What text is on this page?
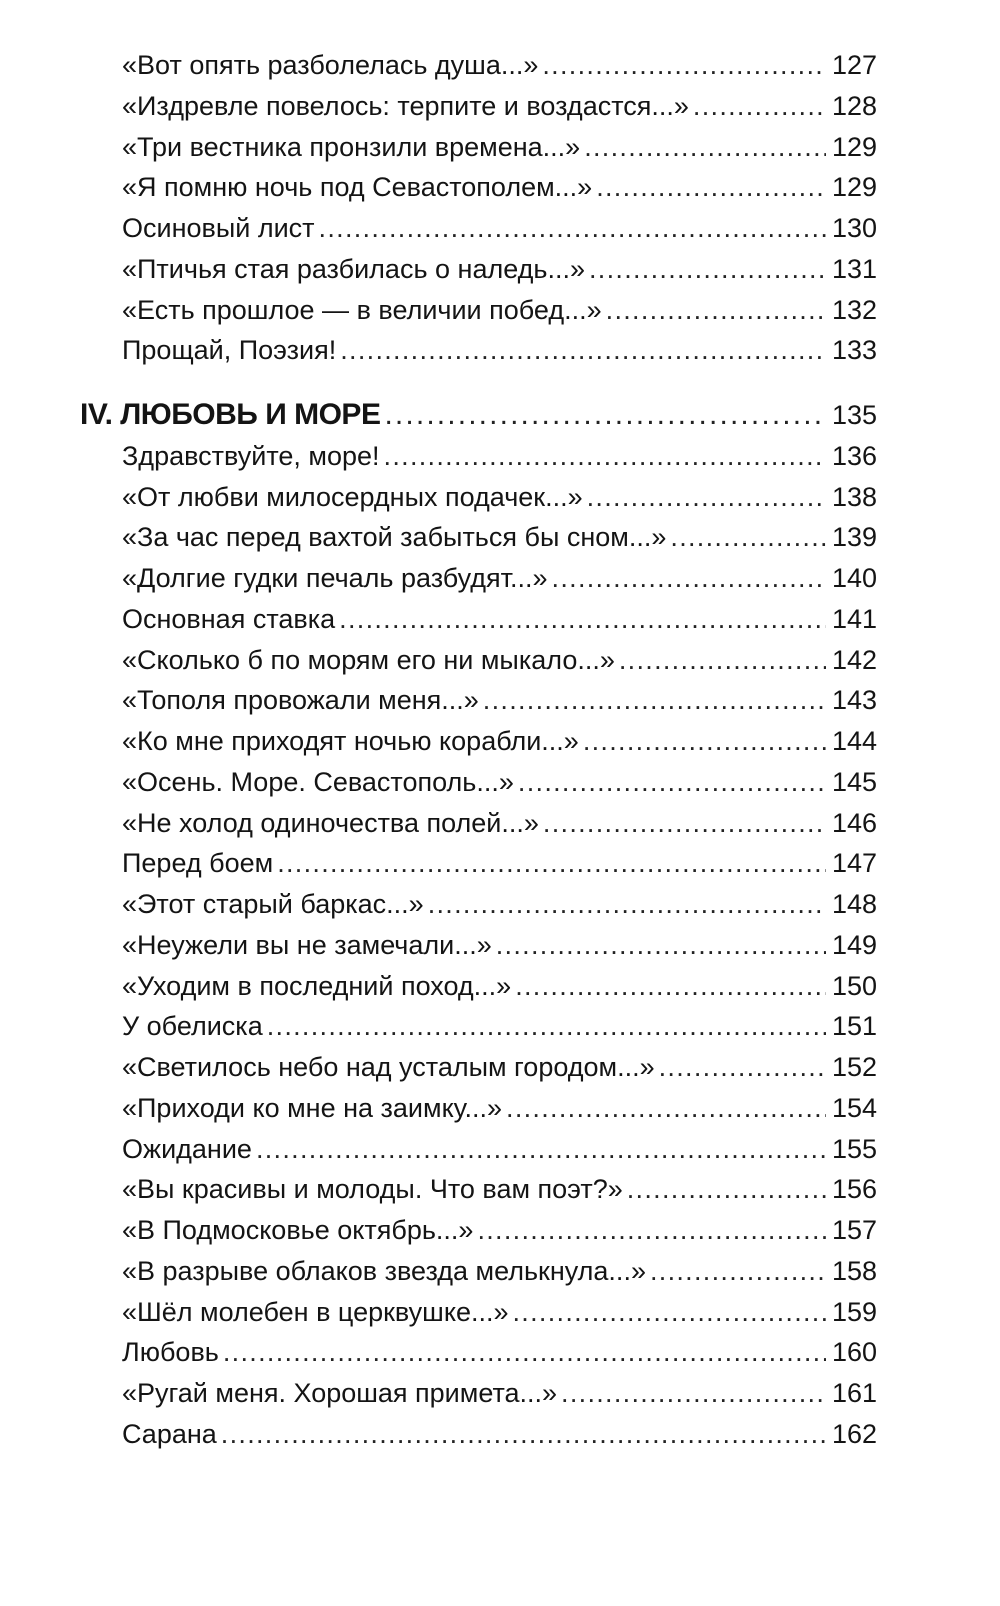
«Вот опять разболелась душа...» . . .	127
«Издревле повелось: терпите и воздастся...» . . .	128
«Три вестника пронзили времена...» . . .	129
«Я помню ночь под Севастополем...» . . .	129
Осиновый лист . . .	130
«Птичья стая разбилась о наледь...» . . .	131
«Есть прошлое — в величии побед...» . . .	132
Прощай, Поэзия! . . .	133
IV. ЛЮБОВЬ И МОРЕ . . .	135
Здравствуйте, море! . . .	136
«От любви милосердных подачек...» . . .	138
«За час перед вахтой забыться бы сном...» . . .	139
«Долгие гудки печаль разбудят...» . . .	140
Основная ставка . . .	141
«Сколько б по морям его ни мыкало...» . . .	142
«Тополя провожали меня...» . . .	143
«Ко мне приходят ночью корабли...» . . .	144
«Осень. Море. Севастополь...» . . .	145
«Не холод одиночества полей...» . . .	146
Перед боем . . .	147
«Этот старый баркас...» . . .	148
«Неужели вы не замечали...» . . .	149
«Уходим в последний поход...» . . .	150
У обелиска . . .	151
«Светилось небо над усталым городом...» . . .	152
«Приходи ко мне на заимку...» . . .	154
Ожидание . . .	155
«Вы красивы и молоды. Что вам поэт?» . . .	156
«В Подмосковье октябрь...» . . .	157
«В разрыве облаков звезда мелькнула...» . . .	158
«Шёл молебен в церквушке...» . . .	159
Любовь . . .	160
«Ругай меня. Хорошая примета...» . . .	161
Сарана . . .	162
